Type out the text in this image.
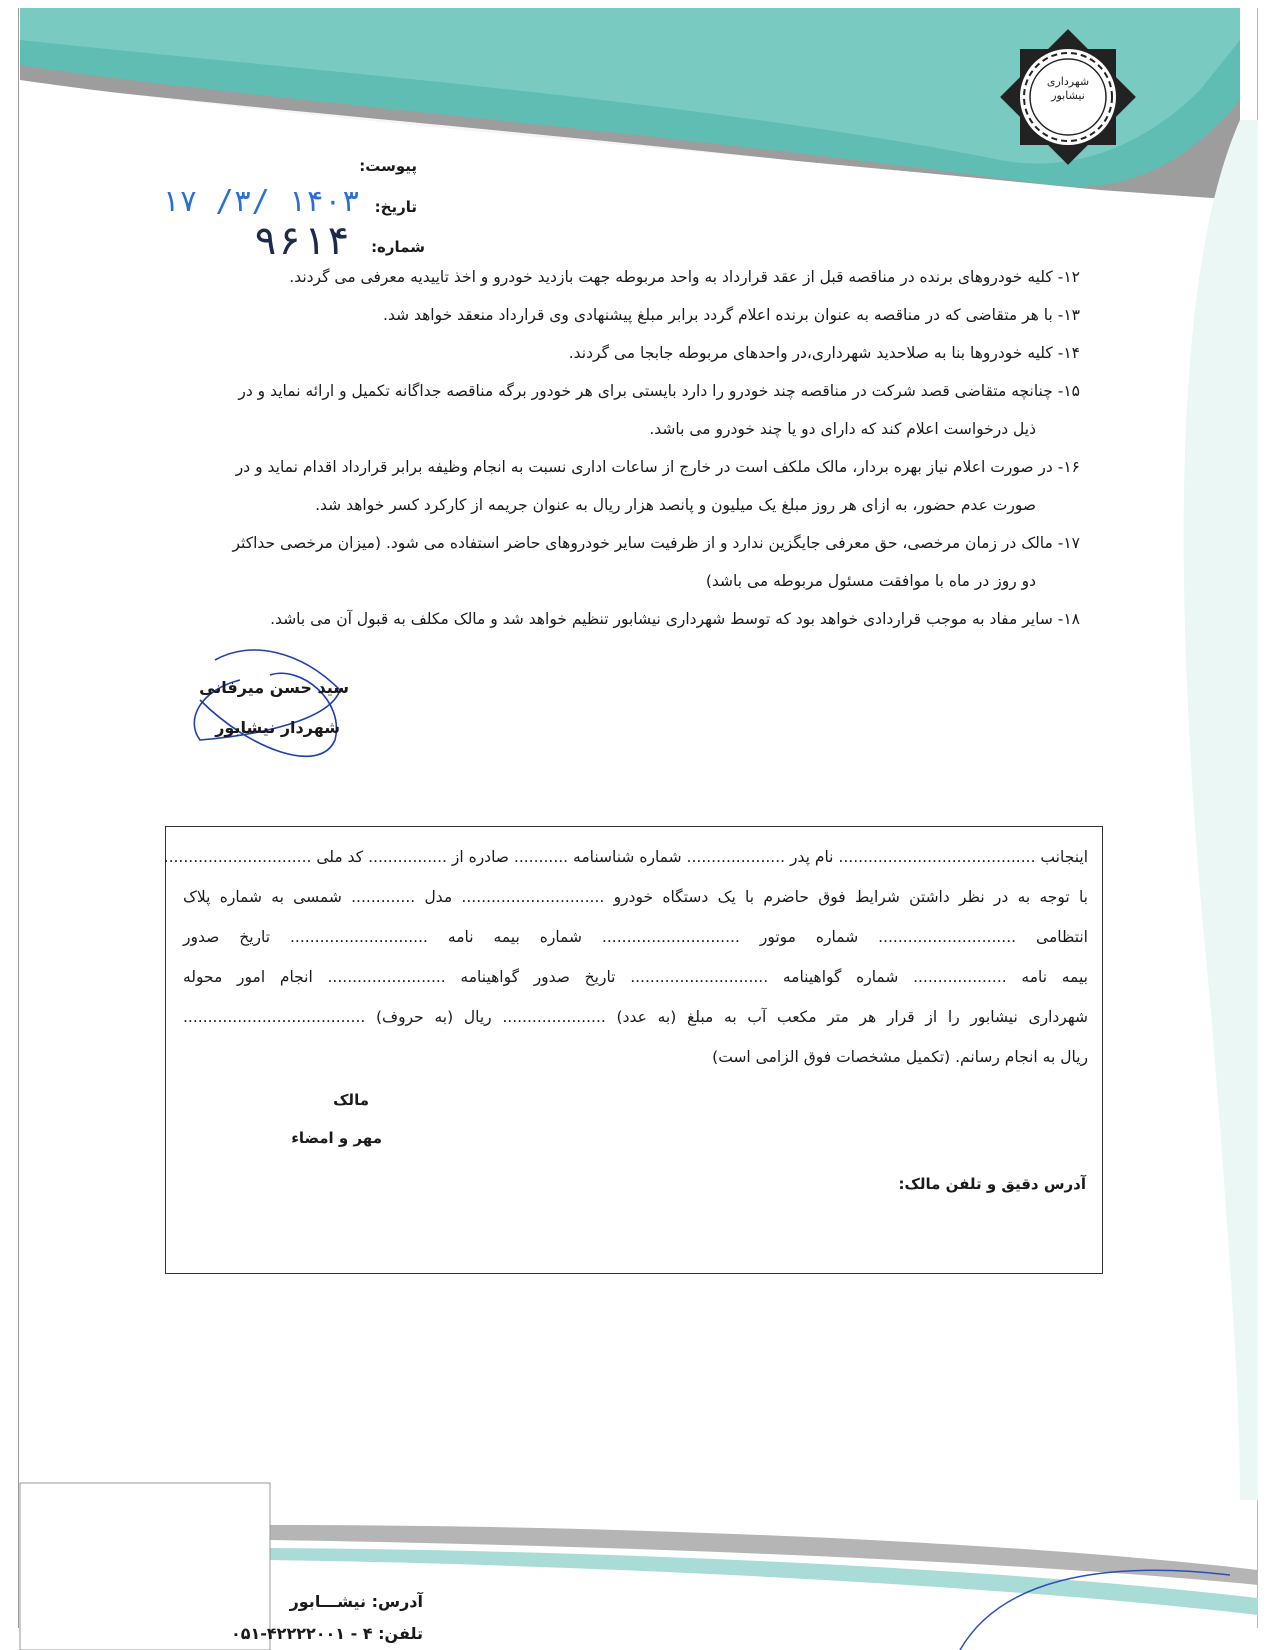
شهرداری
نیشابور
پیوست:
تاریخ:
شماره:
۱۴۰۳ /۳/ ۱۷
۹۶۱۴

۱۲- کلیه خودروهای برنده در مناقصه قبل از عقد قرارداد به واحد مربوطه جهت بازدید خودرو و اخذ تاییدیه معرفی می گردند.

۱۳- با هر متقاضی که در مناقصه به عنوان برنده اعلام گردد برابر مبلغ پیشنهادی وی قرارداد منعقد خواهد شد.

۱۴- کلیه خودروها بنا به صلاحدید شهرداری،در واحدهای مربوطه جابجا می گردند.

۱۵- چنانچه متقاضی قصد شرکت در مناقصه چند خودرو را دارد بایستی برای هر خودور برگه مناقصه جداگانه تکمیل و ارائه نماید و در

ذیل درخواست اعلام کند که دارای دو یا چند خودرو می باشد.

۱۶- در صورت اعلام نیاز بهره بردار، مالک ملکف است در خارج از ساعات اداری نسبت به انجام وظیفه برابر قرارداد اقدام نماید و در

صورت عدم حضور، به ازای هر روز مبلغ یک میلیون و پانصد هزار ریال به عنوان جریمه از کارکرد کسر خواهد شد.

۱۷- مالک در زمان مرخصی، حق معرفی جایگزین ندارد و از ظرفیت سایر خودروهای حاضر استفاده می شود. (میزان مرخصی حداکثر

دو روز در ماه با موافقت مسئول مربوطه می باشد)

۱۸- سایر مفاد به موجب قراردادی خواهد بود که توسط شهرداری نیشابور تنظیم خواهد شد و مالک مکلف به قبول آن می باشد.

سید حسن میرفانی
شهردار نیشابور

اینجانب ........................................ نام پدر .................... شماره شناسنامه ........... صادره از ................ کد ملی ..............................

با توجه به در نظر داشتن شرایط فوق حاضرم با یک دستگاه خودرو ............................. مدل ............. شمسی به شماره پلاک

انتظامی ............................ شماره موتور ............................ شماره بیمه نامه ............................ تاریخ صدور

بیمه نامه ................... شماره گواهینامه ............................ تاریخ صدور گواهینامه ........................ انجام امور محوله

شهرداری نیشابور را از قرار هر متر مکعب آب به مبلغ (به عدد) ..................... ریال (به حروف) .....................................

ریال به انجام رسانم. (تکمیل مشخصات فوق الزامی است)

مالک
مهر و امضاء
آدرس دقیق و تلفن مالک:
آدرس: نیشـــابور
تلفن: ۴ - ۴۲۲۲۲۰۰۱-۰۵۱
